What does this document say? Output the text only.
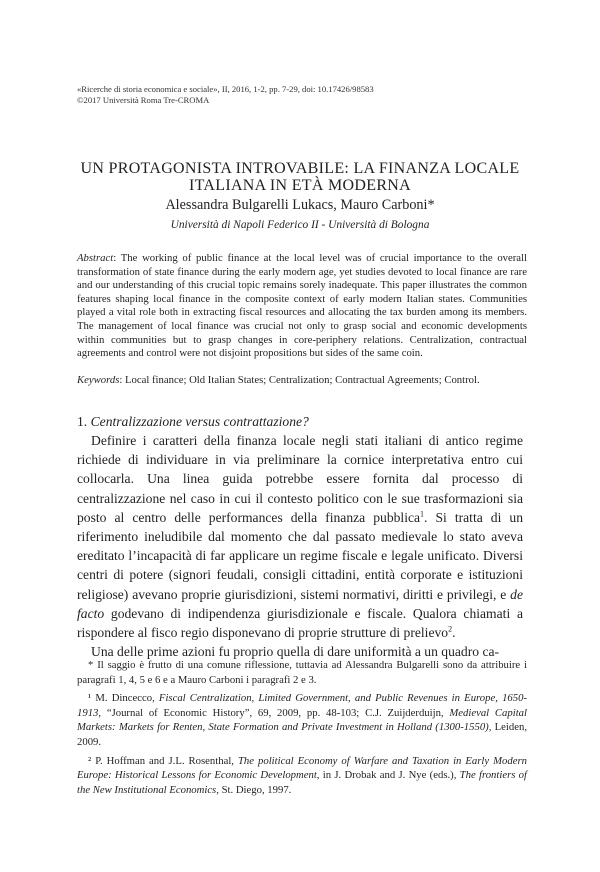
«Ricerche di storia economica e sociale», II, 2016, 1-2, pp. 7-29, doi: 10.17426/98583
©2017 Università Roma Tre-CROMA
UN PROTAGONISTA INTROVABILE: LA FINANZA LOCALE
ITALIANA IN ETÀ MODERNA
Alessandra Bulgarelli Lukacs, Mauro Carboni*
Università di Napoli Federico II - Università di Bologna
Abstract: The working of public finance at the local level was of crucial importance to the overall transformation of state finance during the early modern age, yet studies devoted to local finance are rare and our understanding of this crucial topic remains sorely inadequate. This paper illustrates the common features shaping local finance in the composite context of early modern Italian states. Communities played a vital role both in extracting fiscal resources and allocating the tax burden among its members. The management of local finance was crucial not only to grasp social and economic developments within communities but to grasp changes in core-periphery relations. Centralization, contractual agreements and control were not disjoint propositions but sides of the same coin.
Keywords: Local finance; Old Italian States; Centralization; Contractual Agreements; Control.
1. Centralizzazione versus contrattazione?

Definire i caratteri della finanza locale negli stati italiani di antico regime richiede di individuare in via preliminare la cornice interpretativa entro cui collocarla. Una linea guida potrebbe essere fornita dal processo di centralizzazione nel caso in cui il contesto politico con le sue trasformazioni sia posto al centro delle performances della finanza pubblica$^1$. Si tratta di un riferimento ineludibile dal momento che dal passato medievale lo stato aveva ereditato l’incapacità di far applicare un regime fiscale e legale unificato. Diversi centri di potere (signori feudali, consigli cittadini, entità corporate e istituzioni religiose) avevano proprie giurisdizioni, sistemi normativi, diritti e privilegi, e de facto godevano di indipendenza giurisdizionale e fiscale. Qualora chiamati a rispondere al fisco regio disponevano di proprie strutture di prelievo$^2$.

Una delle prime azioni fu proprio quella di dare uniformità a un quadro ca-

* Il saggio è frutto di una comune riflessione, tuttavia ad Alessandra Bulgarelli sono da attribuire i paragrafi 1, 4, 5 e 6 e a Mauro Carboni i paragrafi 2 e 3.

¹ M. Dincecco, Fiscal Centralization, Limited Government, and Public Revenues in Europe, 1650-1913, “Journal of Economic History”, 69, 2009, pp. 48-103; C.J. Zuijderduijn, Medieval Capital Markets: Markets for Renten, State Formation and Private Investment in Holland (1300-1550), Leiden, 2009.

² P. Hoffman and J.L. Rosenthal, The political Economy of Warfare and Taxation in Early Modern Europe: Historical Lessons for Economic Development, in J. Drobak and J. Nye (eds.), The frontiers of the New Institutional Economics, St. Diego, 1997.
